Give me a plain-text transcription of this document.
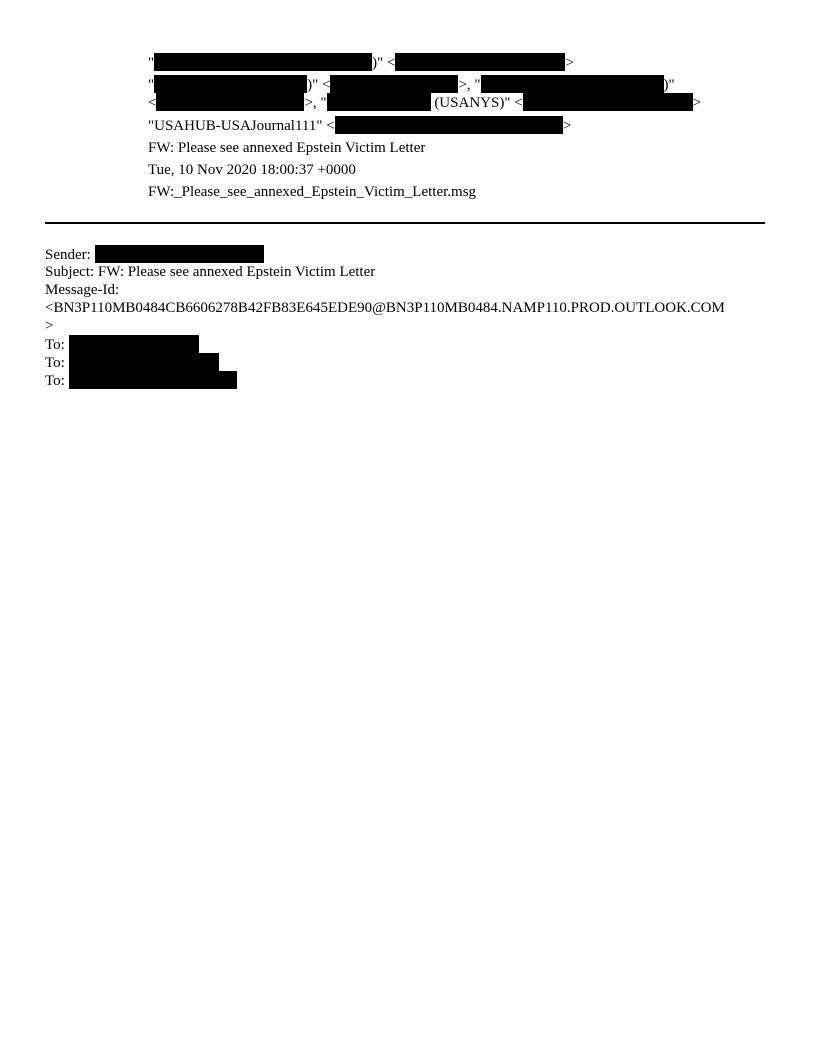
"	)" <	>
"	)" <	>, "	)"
<	>, "	(USANYS)" <	>
"USAHUB-USAJournal111" <	>
FW: Please see annexed Epstein Victim Letter
Tue, 10 Nov 2020 18:00:37 +0000
FW:_Please_see_annexed_Epstein_Victim_Letter.msg
Sender:
Subject: FW: Please see annexed Epstein Victim Letter
Message-Id:
<BN3P110MB0484CB6606278B42FB83E645EDE90@BN3P110MB0484.NAMP110.PROD.OUTLOOK.COM
>
To:
To:
To:
